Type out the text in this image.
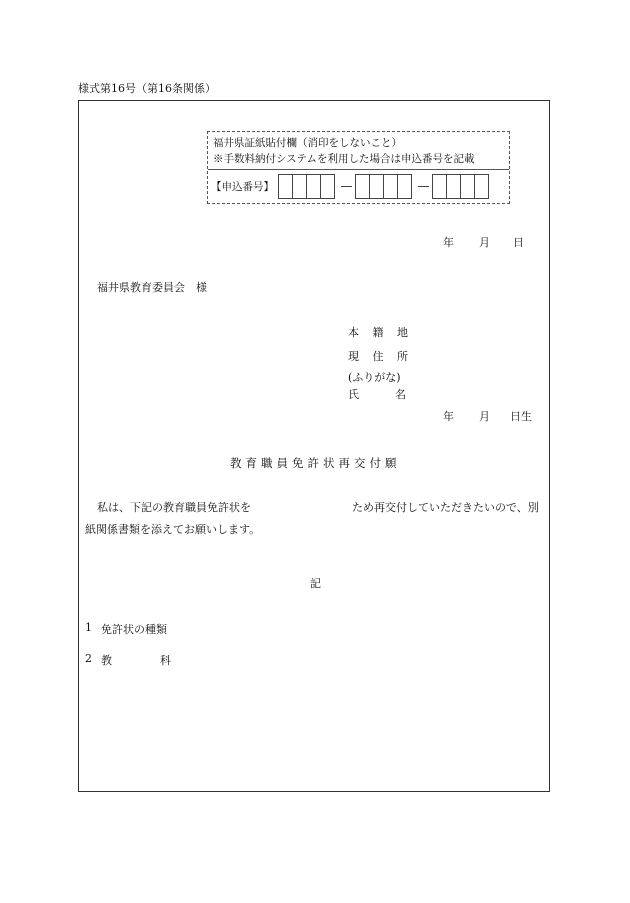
様式第16号（第16条関係）
福井県証紙貼付欄（消印をしないこと）
※手数料納付システムを利用した場合は申込番号を記載
【申込番号】
年 月 日
福井県教育委員会　様
本 籍 地
現 住 所
(ふりがな)
氏	名
年 月 日生
教育職員免許状再交付願
私は、下記の教育職員免許状を	ため再交付していただきたいので、別
紙関係書類を添えてお願いします。
記
1 免許状の種類
2 教	科
